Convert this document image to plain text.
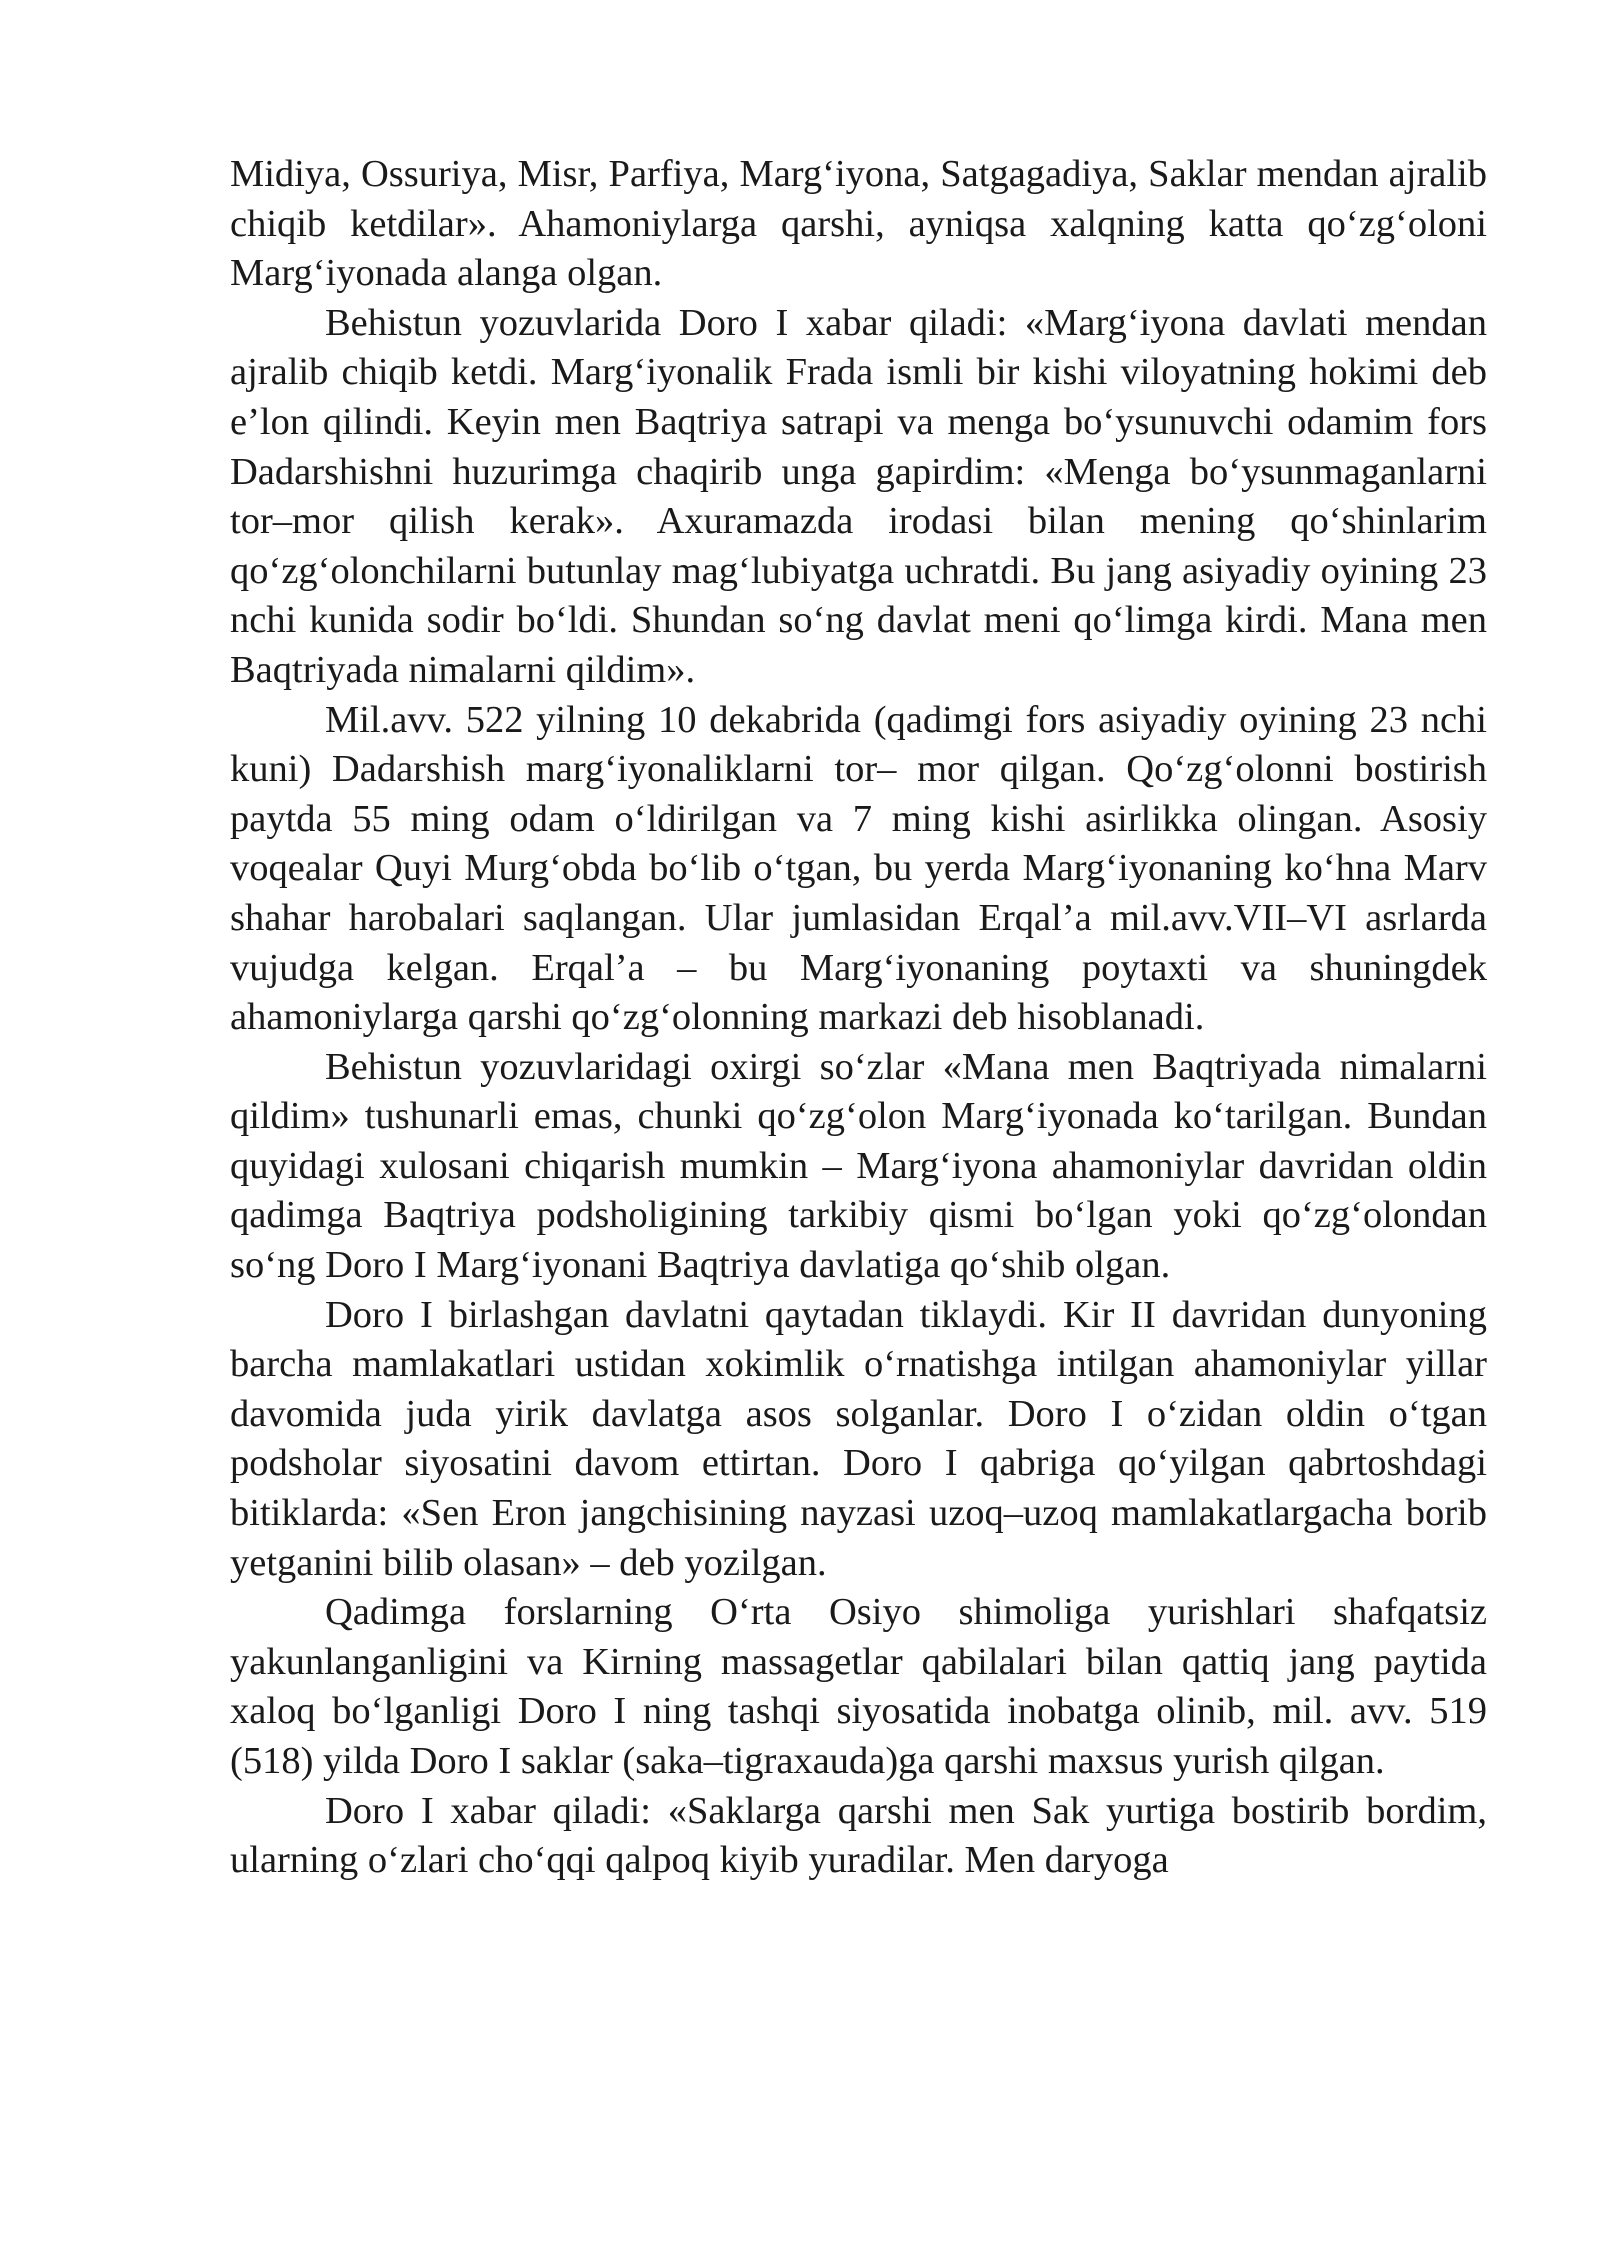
Midiya, Ossuriya, Misr, Parfiya, Marg‘iyona, Satgagadiya, Saklar mendan ajralib chiqib ketdilar». Ahamoniylarga qarshi, ayniqsa xalqning katta qo‘zg‘oloni Marg‘iyonada alanga olgan.

Behistun yozuvlarida Doro I xabar qiladi: «Marg‘iyona davlati mendan ajralib chiqib ketdi. Marg‘iyonalik Frada ismli bir kishi viloyatning hokimi deb e’lon qilindi. Keyin men Baqtriya satrapi va menga bo‘ysunuvchi odamim fors Dadarshishni huzurimga chaqirib unga gapirdim: «Menga bo‘ysunmaganlarni tor–mor qilish kerak». Axuramazda irodasi bilan mening qo‘shinlarim qo‘zg‘olonchilarni butunlay mag‘lubiyatga uchratdi. Bu jang asiyadiy oyining 23 nchi kunida sodir bo‘ldi. Shundan so‘ng davlat meni qo‘limga kirdi. Mana men Baqtriyada nimalarni qildim».

Mil.avv. 522 yilning 10 dekabrida (qadimgi fors asiyadiy oyining 23 nchi kuni) Dadarshish marg‘iyonaliklarni tor– mor qilgan. Qo‘zg‘olonni bostirish paytda 55 ming odam o‘ldirilgan va 7 ming kishi asirlikka olingan. Asosiy voqealar Quyi Murg‘obda bo‘lib o‘tgan, bu yerda Marg‘iyonaning ko‘hna Marv shahar harobalari saqlangan. Ular jumlasidan Erqal’a mil.avv.VII–VI asrlarda vujudga kelgan. Erqal’a – bu Marg‘iyonaning poytaxti va shuningdek ahamoniylarga qarshi qo‘zg‘olonning markazi deb hisoblanadi.

Behistun yozuvlaridagi oxirgi so‘zlar «Mana men Baqtriyada nimalarni qildim» tushunarli emas, chunki qo‘zg‘olon Marg‘iyonada ko‘tarilgan. Bundan quyidagi xulosani chiqarish mumkin – Marg‘iyona ahamoniylar davridan oldin qadimga Baqtriya podsholigining tarkibiy qismi bo‘lgan yoki qo‘zg‘olondan so‘ng Doro I Marg‘iyonani Baqtriya davlatiga qo‘shib olgan.

Doro I birlashgan davlatni qaytadan tiklaydi. Kir II davridan dunyoning barcha mamlakatlari ustidan xokimlik o‘rnatishga intilgan ahamoniylar yillar davomida juda yirik davlatga asos solganlar. Doro I o‘zidan oldin o‘tgan podsholar siyosatini davom ettirtan. Doro I qabriga qo‘yilgan qabrtoshdagi bitiklarda: «Sen Eron jangchisining nayzasi uzoq–uzoq mamlakatlargacha borib yetganini bilib olasan» – deb yozilgan.

Qadimga forslarning O‘rta Osiyo shimoliga yurishlari shafqatsiz yakunlanganligini va Kirning massagetlar qabilalari bilan qattiq jang paytida xaloq bo‘lganligi Doro I ning tashqi siyosatida inobatga olinib, mil. avv. 519 (518) yilda Doro I saklar (saka–tigraxauda)ga qarshi maxsus yurish qilgan.

Doro I xabar qiladi: «Saklarga qarshi men Sak yurtiga bostirib bordim, ularning o‘zlari cho‘qqi qalpoq kiyib yuradilar. Men daryoga
